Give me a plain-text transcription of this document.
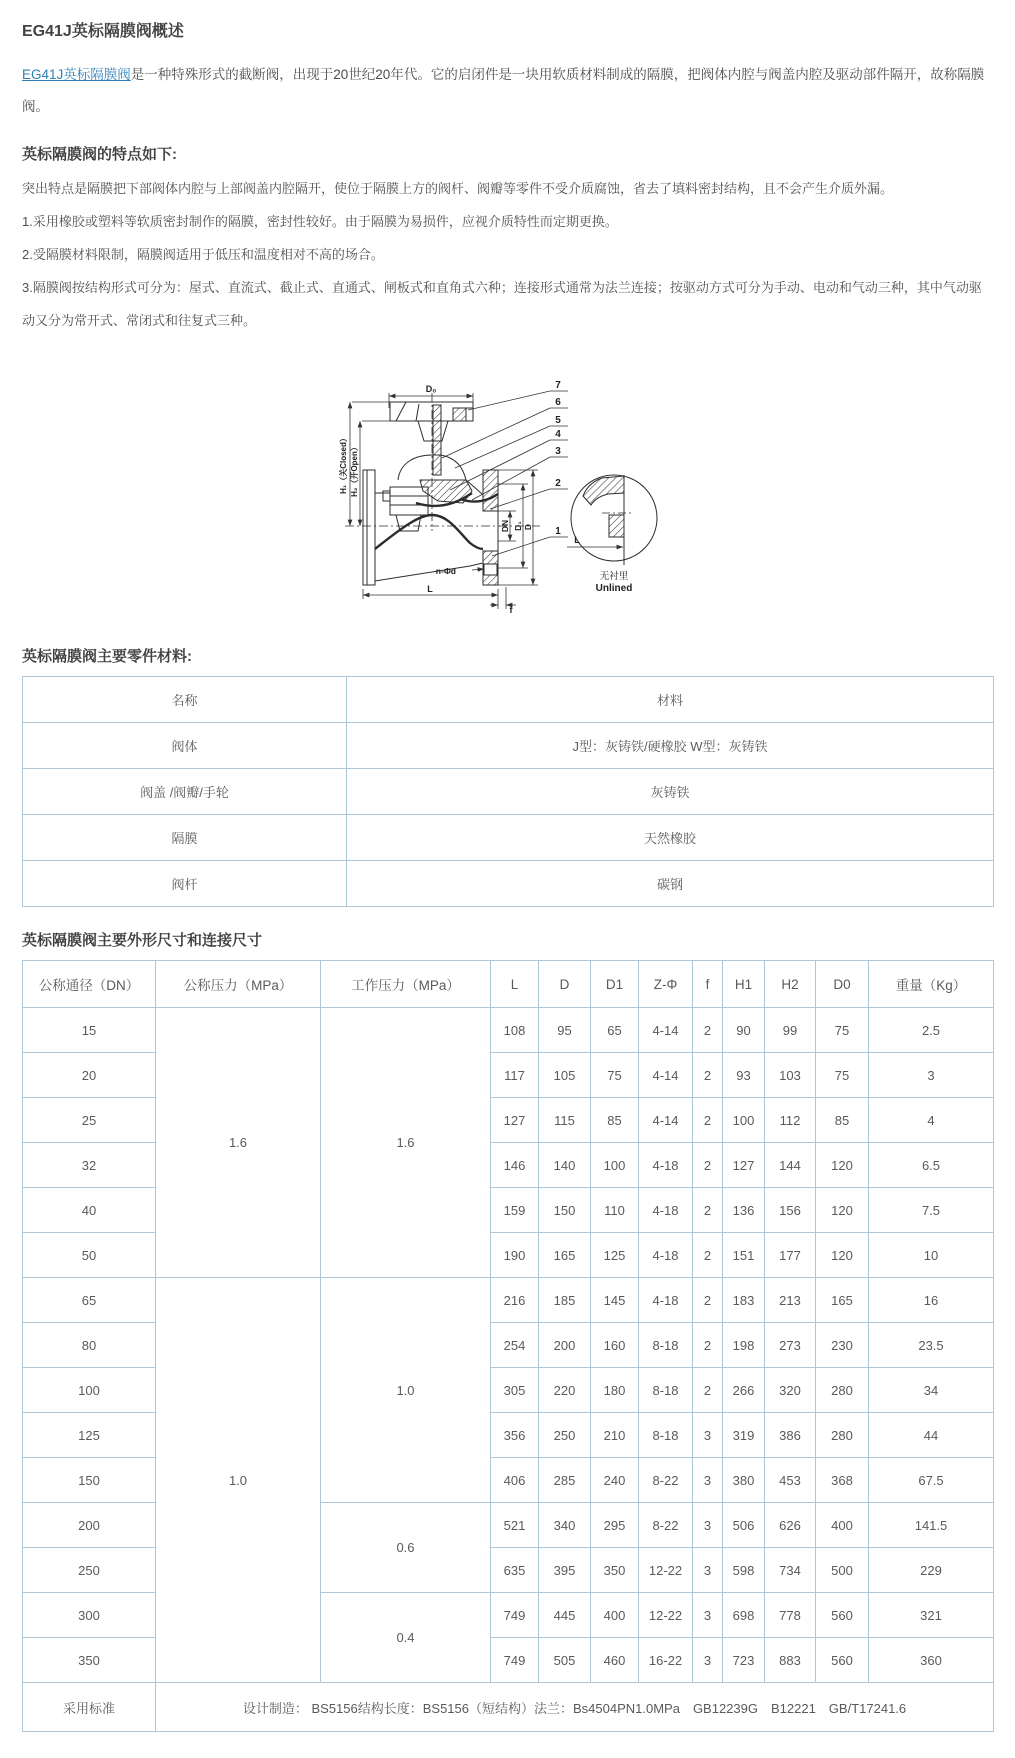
EG41J英标隔膜阀概述

EG41J英标隔膜阀是一种特殊形式的截断阀，出现于20世纪20年代。它的启闭件是一块用软质材料制成的隔膜，把阀体内腔与阀盖内腔及驱动部件隔开，故称隔膜阀。

英标隔膜阀的特点如下:

突出特点是隔膜把下部阀体内腔与上部阀盖内腔隔开，使位于隔膜上方的阀杆、阀瓣等零件不受介质腐蚀，省去了填料密封结构，且不会产生介质外漏。

1.采用橡胶或塑料等软质密封制作的隔膜，密封性较好。由于隔膜为易损件，应视介质特性而定期更换。

2.受隔膜材料限制，隔膜阀适用于低压和温度相对不高的场合。

3.隔膜阀按结构形式可分为：屋式、直流式、截止式、直通式、闸板式和直角式六种；连接形式通常为法兰连接；按驱动方式可分为手动、电动和气动三种，其中气动驱动又分为常开式、常闭式和往复式三种。

D₀
H₁（关Closed） H₂（开Open）
DN D₁ D
n-Φd
L
f
7
6
5
4
3
2
1
L
无衬里
Unlined
英标隔膜阀主要零件材料:
名称	材料
阀体	J型：灰铸铁/硬橡胶 W型：灰铸铁
阀盖 /阀瓣/手轮	灰铸铁
隔膜	天然橡胶
阀杆	碳钢
英标隔膜阀主要外形尺寸和连接尺寸
公称通径（DN）	公称压力（MPa）	工作压力（MPa）	L	D	D1	Z-Φ	f	H1	H2	D0	重量（Kg）
15	1.6	1.6	108	95	65	4-14	2	90	99	75	2.5
20			117	105	75	4-14	2	93	103	75	3
25			127	115	85	4-14	2	100	112	85	4
32			146	140	100	4-18	2	127	144	120	6.5
40			159	150	110	4-18	2	136	156	120	7.5
50			190	165	125	4-18	2	151	177	120	10
65	1.0	1.0	216	185	145	4-18	2	183	213	165	16
80			254	200	160	8-18	2	198	273	230	23.5
100			305	220	180	8-18	2	266	320	280	34
125			356	250	210	8-18	3	319	386	280	44
150			406	285	240	8-22	3	380	453	368	67.5
200		0.6	521	340	295	8-22	3	506	626	400	141.5
250			635	395	350	12-22	3	598	734	500	229
300		0.4	749	445	400	12-22	3	698	778	560	321
350			749	505	460	16-22	3	723	883	560	360
采用标准	设计制造： BS5156结构长度：BS5156（短结构）法兰：Bs4504PN1.0MPa　GB12239G　B12221　GB/T17241.6										
